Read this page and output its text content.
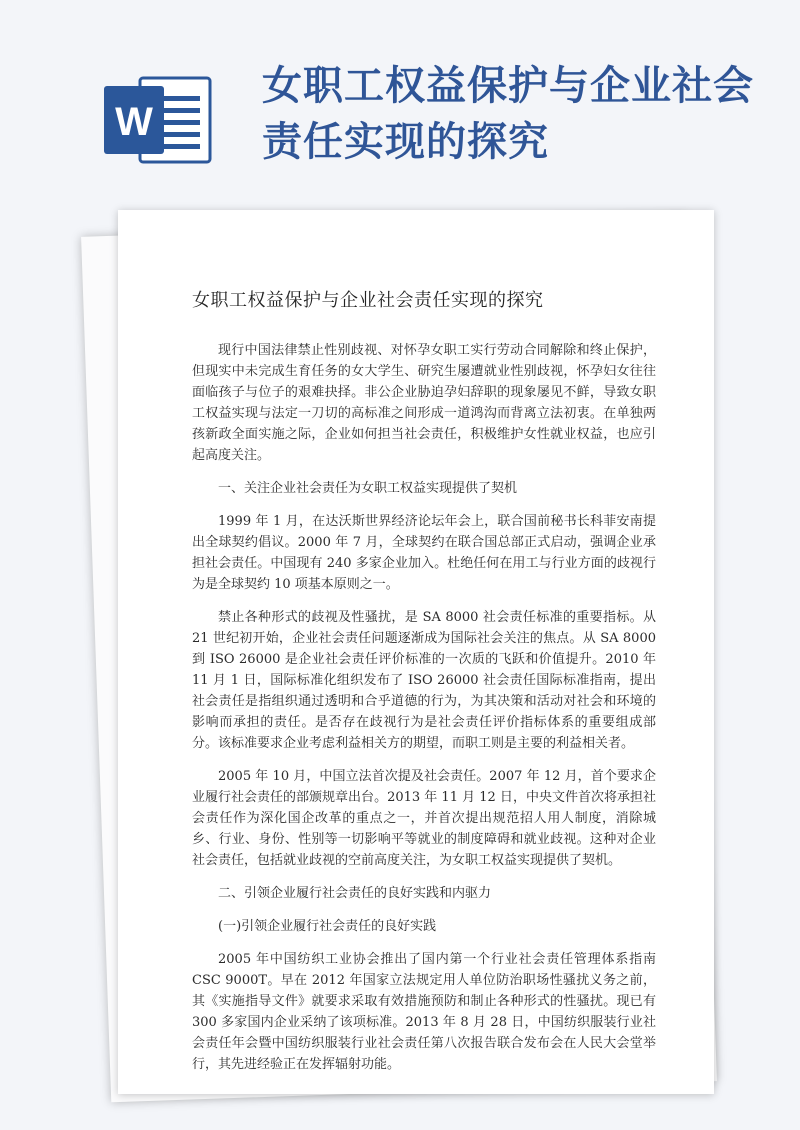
W
女职工权益保护与企业社会责任实现的探究
女职工权益保护与企业社会责任实现的探究

现行中国法律禁止性别歧视、对怀孕女职工实行劳动合同解除和终止保护，但现实中未完成生育任务的女大学生、研究生屡遭就业性别歧视，怀孕妇女往往面临孩子与位子的艰难抉择。非公企业胁迫孕妇辞职的现象屡见不鲜，导致女职工权益实现与法定一刀切的高标准之间形成一道鸿沟而背离立法初衷。在单独两孩新政全面实施之际，企业如何担当社会责任，积极维护女性就业权益，也应引起高度关注。

一、关注企业社会责任为女职工权益实现提供了契机

1999 年 1 月，在达沃斯世界经济论坛年会上，联合国前秘书长科菲安南提出全球契约倡议。2000 年 7 月，全球契约在联合国总部正式启动，强调企业承担社会责任。中国现有 240 多家企业加入。杜绝任何在用工与行业方面的歧视行为是全球契约 10 项基本原则之一。

禁止各种形式的歧视及性骚扰，是 SA 8000 社会责任标准的重要指标。从 21 世纪初开始，企业社会责任问题逐渐成为国际社会关注的焦点。从 SA 8000 到 ISO 26000 是企业社会责任评价标准的一次质的飞跃和价值提升。2010 年 11 月 1 日，国际标准化组织发布了 ISO 26000 社会责任国际标准指南，提出社会责任是指组织通过透明和合乎道德的行为，为其决策和活动对社会和环境的影响而承担的责任。是否存在歧视行为是社会责任评价指标体系的重要组成部分。该标准要求企业考虑利益相关方的期望，而职工则是主要的利益相关者。

2005 年 10 月，中国立法首次提及社会责任。2007 年 12 月，首个要求企业履行社会责任的部颁规章出台。2013 年 11 月 12 日，中央文件首次将承担社会责任作为深化国企改革的重点之一，并首次提出规范招人用人制度，消除城乡、行业、身份、性别等一切影响平等就业的制度障碍和就业歧视。这种对企业社会责任，包括就业歧视的空前高度关注，为女职工权益实现提供了契机。

二、引领企业履行社会责任的良好实践和内驱力

(一)引领企业履行社会责任的良好实践

2005 年中国纺织工业协会推出了国内第一个行业社会责任管理体系指南 CSC 9000T。早在 2012 年国家立法规定用人单位防治职场性骚扰义务之前，其《实施指导文件》就要求采取有效措施预防和制止各种形式的性骚扰。现已有 300 多家国内企业采纳了该项标准。2013 年 8 月 28 日，中国纺织服装行业社会责任年会暨中国纺织服装行业社会责任第八次报告联合发布会在人民大会堂举行，其先进经验正在发挥辐射功能。
